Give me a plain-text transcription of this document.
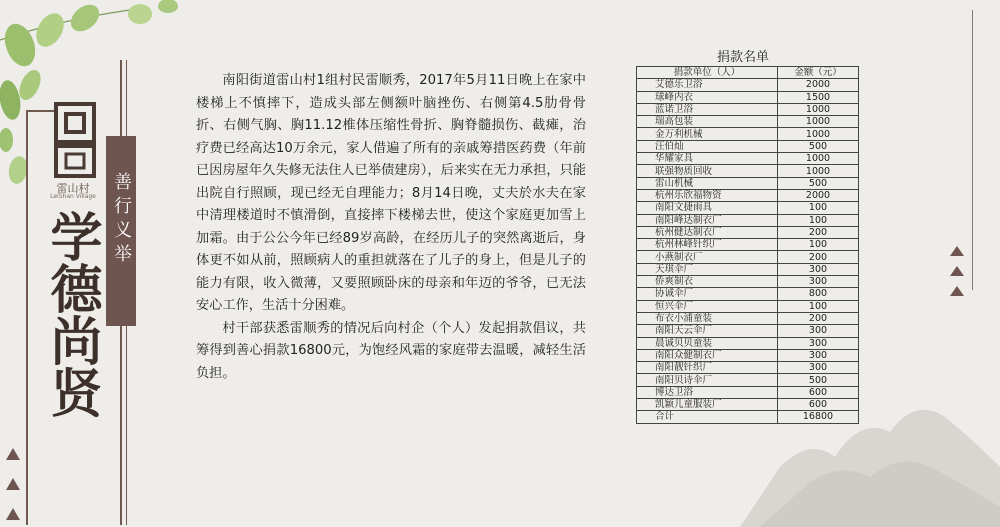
雷山村
LeiShan Village
学德尚贤 善行义举

南阳街道雷山村1组村民雷顺秀，2017年5月11日晚上在家中楼梯上不慎摔下，造成头部左侧额叶脑挫伤、右侧第4.5肋骨骨折、右侧气胸、胸11.12椎体压缩性骨折、胸脊髓损伤、截瘫，治疗费已经高达10万余元，家人借遍了所有的亲戚筹措医药费（年前已因房屋年久失修无法住人已举债建房），后来实在无力承担，只能出院自行照顾，现已经无自理能力；8月14日晚，丈夫於水夫在家中清理楼道时不慎滑倒，直接摔下楼梯去世，使这个家庭更加雪上加霜。由于公公今年已经89岁高龄，在经历儿子的突然离逝后，身体更不如从前，照顾病人的重担就落在了儿子的身上，但是儿子的能力有限，收入微薄，又要照顾卧床的母亲和年迈的爷爷，已无法安心工作，生活十分困难。

村干部获悉雷顺秀的情况后向村企（个人）发起捐款倡议，共筹得到善心捐款16800元，为饱经风霜的家庭带去温暖，减轻生活负担。

捐款名单
捐款单位（人）	金额（元）
艾德乐卫浴	2000
球峰内衣	1500
蓝诺卫浴	1000
瑞高包装	1000
金万利机械	1000
汪伯灿	500
华耀家具	1000
联强物质回收	1000
雷山机械	500
杭州乐欣福物资	2000
南阳文捷雨具	100
南阳峰达制衣厂	100
杭州健达制衣厂	200
杭州林峰针织厂	100
小燕制衣厂	200
天琪伞厂	300
侨爽制衣	300
协诚伞厂	800
恒兴伞厂	100
布衣小浦童装	200
南阳天云伞厂	300
晨诚贝贝童装	300
南阳众健制衣厂	300
南阳靓针织厂	300
南阳贝诗伞厂	500
博达卫浴	600
凯颖儿童服装厂	600
合计	16800
